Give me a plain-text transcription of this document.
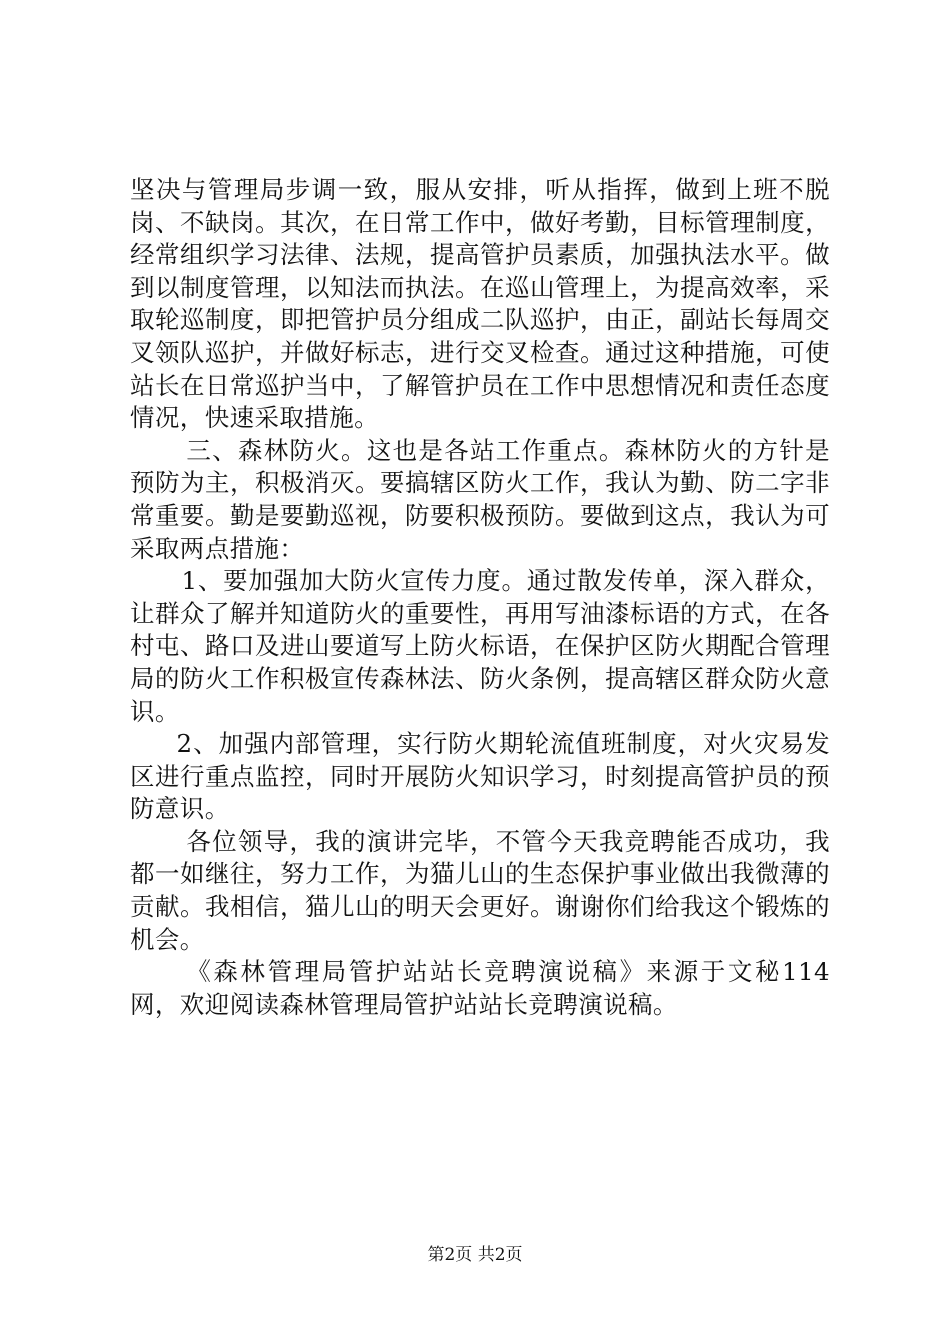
坚决与管理局步调一致，服从安排，听从指挥，做到上班不脱岗、不缺岗。其次，在日常工作中，做好考勤，目标管理制度，经常组织学习法律、法规，提高管护员素质，加强执法水平。做到以制度管理，以知法而执法。在巡山管理上，为提高效率，采取轮巡制度，即把管护员分组成二队巡护，由正，副站长每周交叉领队巡护，并做好标志，进行交叉检查。通过这种措施，可使站长在日常巡护当中，了解管护员在工作中思想情况和责任态度情况，快速采取措施。

三、森林防火。这也是各站工作重点。森林防火的方针是预防为主，积极消灭。要搞辖区防火工作，我认为勤、防二字非常重要。勤是要勤巡视，防要积极预防。要做到这点，我认为可采取两点措施：

1、要加强加大防火宣传力度。通过散发传单，深入群众，让群众了解并知道防火的重要性，再用写油漆标语的方式，在各村屯、路口及进山要道写上防火标语，在保护区防火期配合管理局的防火工作积极宣传森林法、防火条例，提高辖区群众防火意识。

2、加强内部管理，实行防火期轮流值班制度，对火灾易发区进行重点监控，同时开展防火知识学习，时刻提高管护员的预防意识。

各位领导，我的演讲完毕，不管今天我竞聘能否成功，我都一如继往，努力工作，为猫儿山的生态保护事业做出我微薄的贡献。我相信，猫儿山的明天会更好。谢谢你们给我这个锻炼的机会。

《森林管理局管护站站长竞聘演说稿》来源于文秘114网，欢迎阅读森林管理局管护站站长竞聘演说稿。

第2页 共2页
